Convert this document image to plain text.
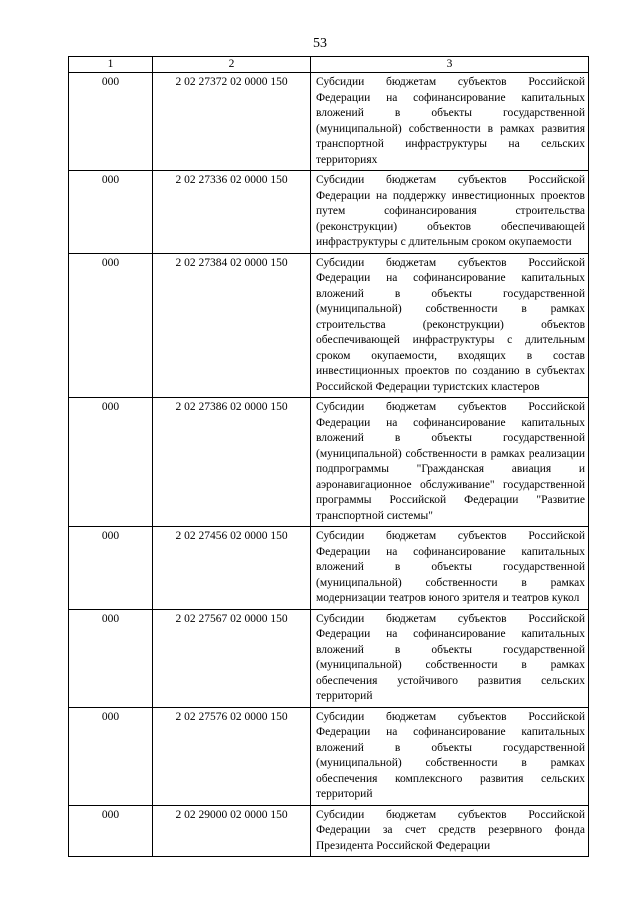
53
1	2	3
000	2 02 27372 02 0000 150	Субсидии бюджетам субъектов Российской Федерации на софинансирование капитальных вложений в объекты государственной (муниципальной) собственности в рамках развития транспортной инфраструктуры на сельских территориях
000	2 02 27336 02 0000 150	Субсидии бюджетам субъектов Российской Федерации на поддержку инвестиционных проектов путем софинансирования строительства (реконструкции) объектов обеспечивающей инфраструктуры с длительным сроком окупаемости
000	2 02 27384 02 0000 150	Субсидии бюджетам субъектов Российской Федерации на софинансирование капитальных вложений в объекты государственной (муниципальной) собственности в рамках строительства (реконструкции) объектов обеспечивающей инфраструктуры с длительным сроком окупаемости, входящих в состав инвестиционных проектов по созданию в субъектах Российской Федерации туристских кластеров
000	2 02 27386 02 0000 150	Субсидии бюджетам субъектов Российской Федерации на софинансирование капитальных вложений в объекты государственной (муниципальной) собственности в рамках реализации подпрограммы "Гражданская авиация и аэронавигационное обслуживание" государственной программы Российской Федерации "Развитие транспортной системы"
000	2 02 27456 02 0000 150	Субсидии бюджетам субъектов Российской Федерации на софинансирование капитальных вложений в объекты государственной (муниципальной) собственности в рамках модернизации театров юного зрителя и театров кукол
000	2 02 27567 02 0000 150	Субсидии бюджетам субъектов Российской Федерации на софинансирование капитальных вложений в объекты государственной (муниципальной) собственности в рамках обеспечения устойчивого развития сельских территорий
000	2 02 27576 02 0000 150	Субсидии бюджетам субъектов Российской Федерации на софинансирование капитальных вложений в объекты государственной (муниципальной) собственности в рамках обеспечения комплексного развития сельских территорий
000	2 02 29000 02 0000 150	Субсидии бюджетам субъектов Российской Федерации за счет средств резервного фонда Президента Российской Федерации
